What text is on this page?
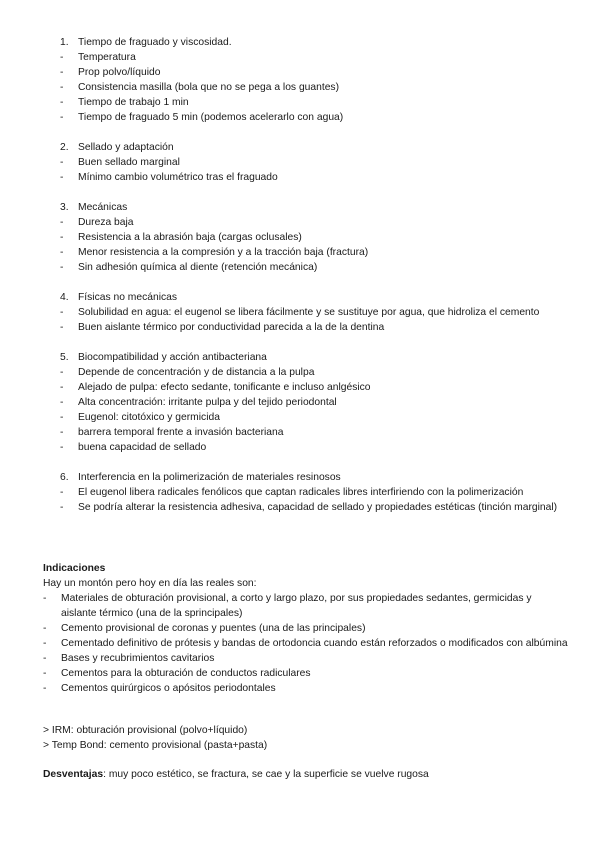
1. Tiempo de fraguado y viscosidad.
-	Temperatura
-	Prop polvo/líquido
-	Consistencia masilla (bola que no se pega a los guantes)
-	Tiempo de trabajo 1 min
-	Tiempo de fraguado 5 min (podemos acelerarlo con agua)
2. Sellado y adaptación
-	Buen sellado marginal
-	Mínimo cambio volumétrico tras el fraguado
3. Mecánicas
-	Dureza baja
-	Resistencia a la abrasión baja (cargas oclusales)
-	Menor resistencia a la compresión y a la tracción baja (fractura)
-	Sin adhesión química al diente (retención mecánica)
4. Físicas no mecánicas
-	Solubilidad en agua: el eugenol se libera fácilmente y se sustituye por agua, que hidroliza el cemento
-	Buen aislante térmico por conductividad parecida a la de la dentina
5. Biocompatibilidad y acción antibacteriana
-	Depende de concentración y de distancia a la pulpa
-	Alejado de pulpa: efecto sedante, tonificante e incluso anlgésico
-	Alta concentración: irritante pulpa y del tejido periodontal
-	Eugenol: citotóxico y germicida
-	barrera temporal frente a invasión bacteriana
-	buena capacidad de sellado
6. Interferencia en la polimerización de materiales resinosos
-	El eugenol libera radicales fenólicos que captan radicales libres interfiriendo con la polimerización
-	Se podría alterar la resistencia adhesiva, capacidad de sellado y propiedades estéticas (tinción marginal)
Indicaciones
Hay un montón pero hoy en día las reales son:
-	Materiales de obturación provisional, a corto y largo plazo, por sus propiedades sedantes, germicidas y aislante térmico (una de la sprincipales)
-	Cemento provisional de coronas y puentes (una de las principales)
-	Cementado definitivo de prótesis y bandas de ortodoncia cuando están reforzados o modificados con albúmina
-	Bases y recubrimientos cavitarios
-	Cementos para la obturación de conductos radiculares
-	Cementos quirúrgicos o apósitos periodontales
> IRM: obturación provisional (polvo+líquido)
> Temp Bond: cemento provisional (pasta+pasta)
Desventajas: muy poco estético, se fractura, se cae y la superficie se vuelve rugosa
